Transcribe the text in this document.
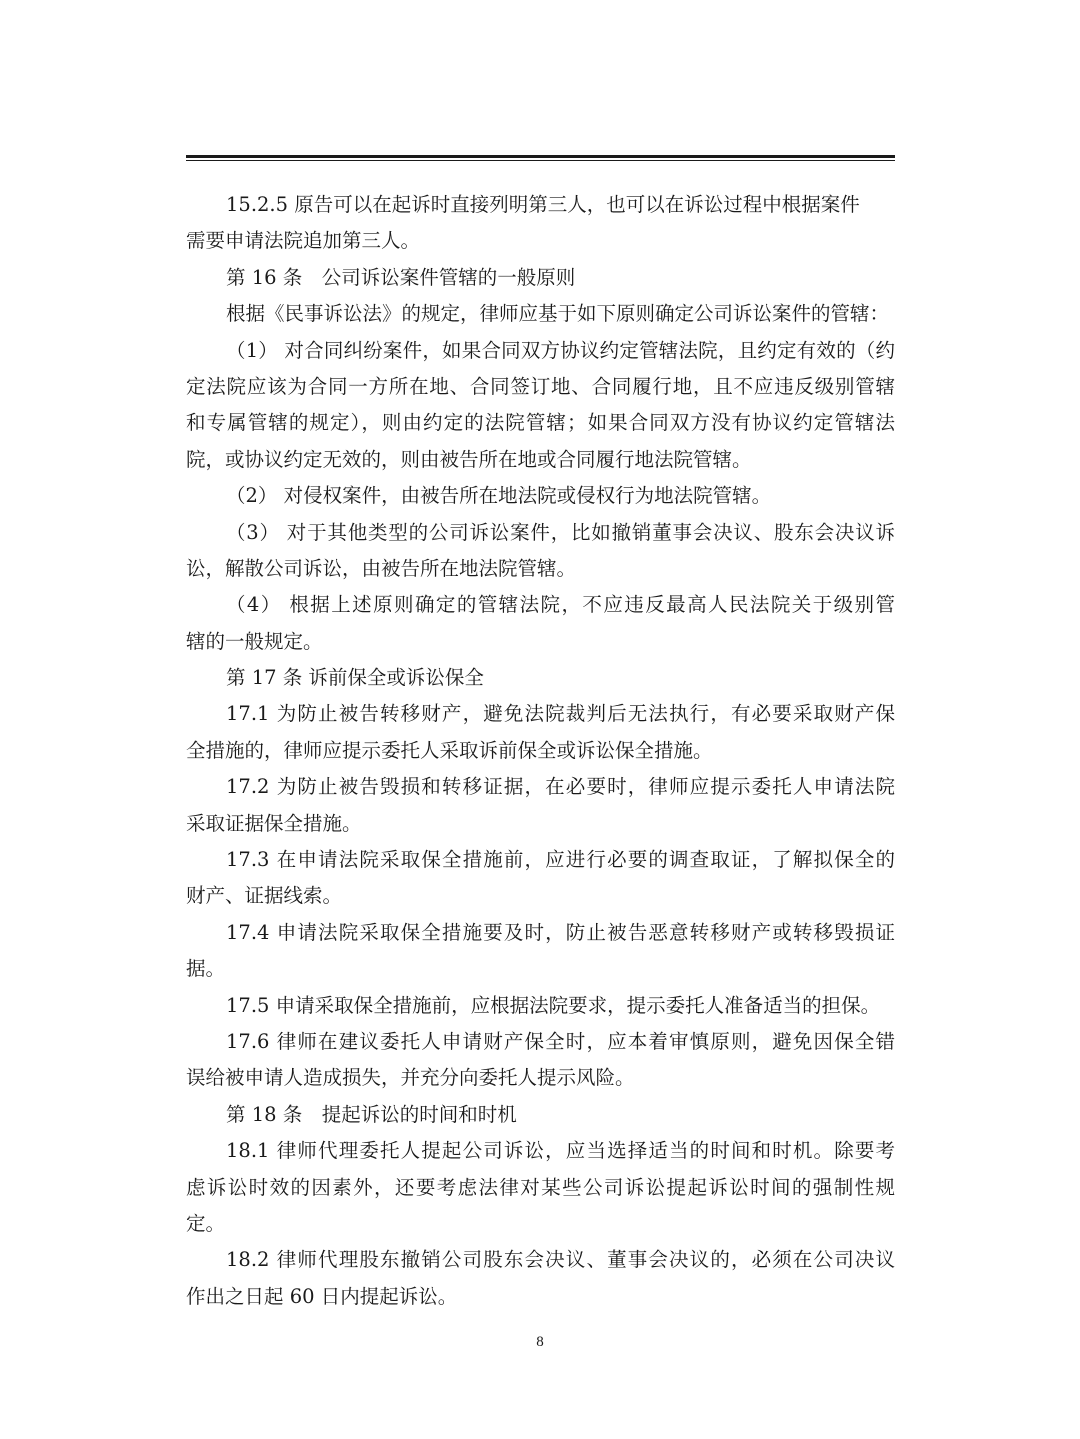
15.2.5 原告可以在起诉时直接列明第三人，也可以在诉讼过程中根据案件
需要申请法院追加第三人。
第 16 条　公司诉讼案件管辖的一般原则
根据《民事诉讼法》的规定，律师应基于如下原则确定公司诉讼案件的管辖：
（1） 对合同纠纷案件，如果合同双方协议约定管辖法院，且约定有效的（约
定法院应该为合同一方所在地、合同签订地、合同履行地，且不应违反级别管辖
和专属管辖的规定），则由约定的法院管辖；如果合同双方没有协议约定管辖法
院，或协议约定无效的，则由被告所在地或合同履行地法院管辖。
（2） 对侵权案件，由被告所在地法院或侵权行为地法院管辖。
（3） 对于其他类型的公司诉讼案件，比如撤销董事会决议、股东会决议诉
讼，解散公司诉讼，由被告所在地法院管辖。
（4） 根据上述原则确定的管辖法院，不应违反最高人民法院关于级别管
辖的一般规定。
第 17 条 诉前保全或诉讼保全
17.1 为防止被告转移财产，避免法院裁判后无法执行，有必要采取财产保
全措施的，律师应提示委托人采取诉前保全或诉讼保全措施。
17.2 为防止被告毁损和转移证据，在必要时，律师应提示委托人申请法院
采取证据保全措施。
17.3 在申请法院采取保全措施前，应进行必要的调查取证，了解拟保全的
财产、证据线索。
17.4 申请法院采取保全措施要及时，防止被告恶意转移财产或转移毁损证
据。
17.5 申请采取保全措施前，应根据法院要求，提示委托人准备适当的担保。
17.6 律师在建议委托人申请财产保全时，应本着审慎原则，避免因保全错
误给被申请人造成损失，并充分向委托人提示风险。
第 18 条　提起诉讼的时间和时机
18.1 律师代理委托人提起公司诉讼，应当选择适当的时间和时机。除要考
虑诉讼时效的因素外，还要考虑法律对某些公司诉讼提起诉讼时间的强制性规
定。
18.2 律师代理股东撤销公司股东会决议、董事会决议的，必须在公司决议
作出之日起 60 日内提起诉讼。
8
